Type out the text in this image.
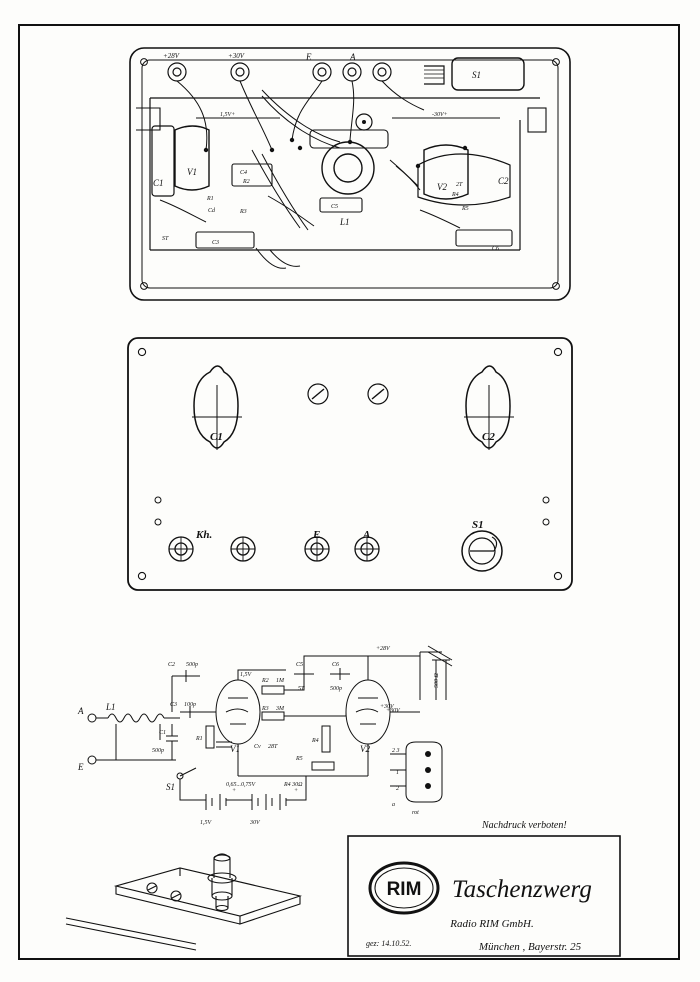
+28V	+30V	E	A
S1
1,5V+	-30V+
V1
V2
C1	C2
L1
C5
C4
R2
R3
R1
Cd
ST
R4
R5
2T
C3
C6
C1	C2
Kh.	E	A
S1
A
E
L1
C1
500p
C3 100p
C2 500p
V1
1,5V
Cv 28T
R1
R2 1M
R3 3M
C5
5T
C6
500p
V2
+30V
R4
+28V
+30V
500 Ω
S1
1,5V	30V
+	+
0,65...0,75V	R4 30Ω
R5
2 3
1
2
a
rot
Nachdruck verboten!
RIM Taschenzwerg
Radio RIM GmbH.
gez: 14.10.52.	München , Bayerstr. 25
